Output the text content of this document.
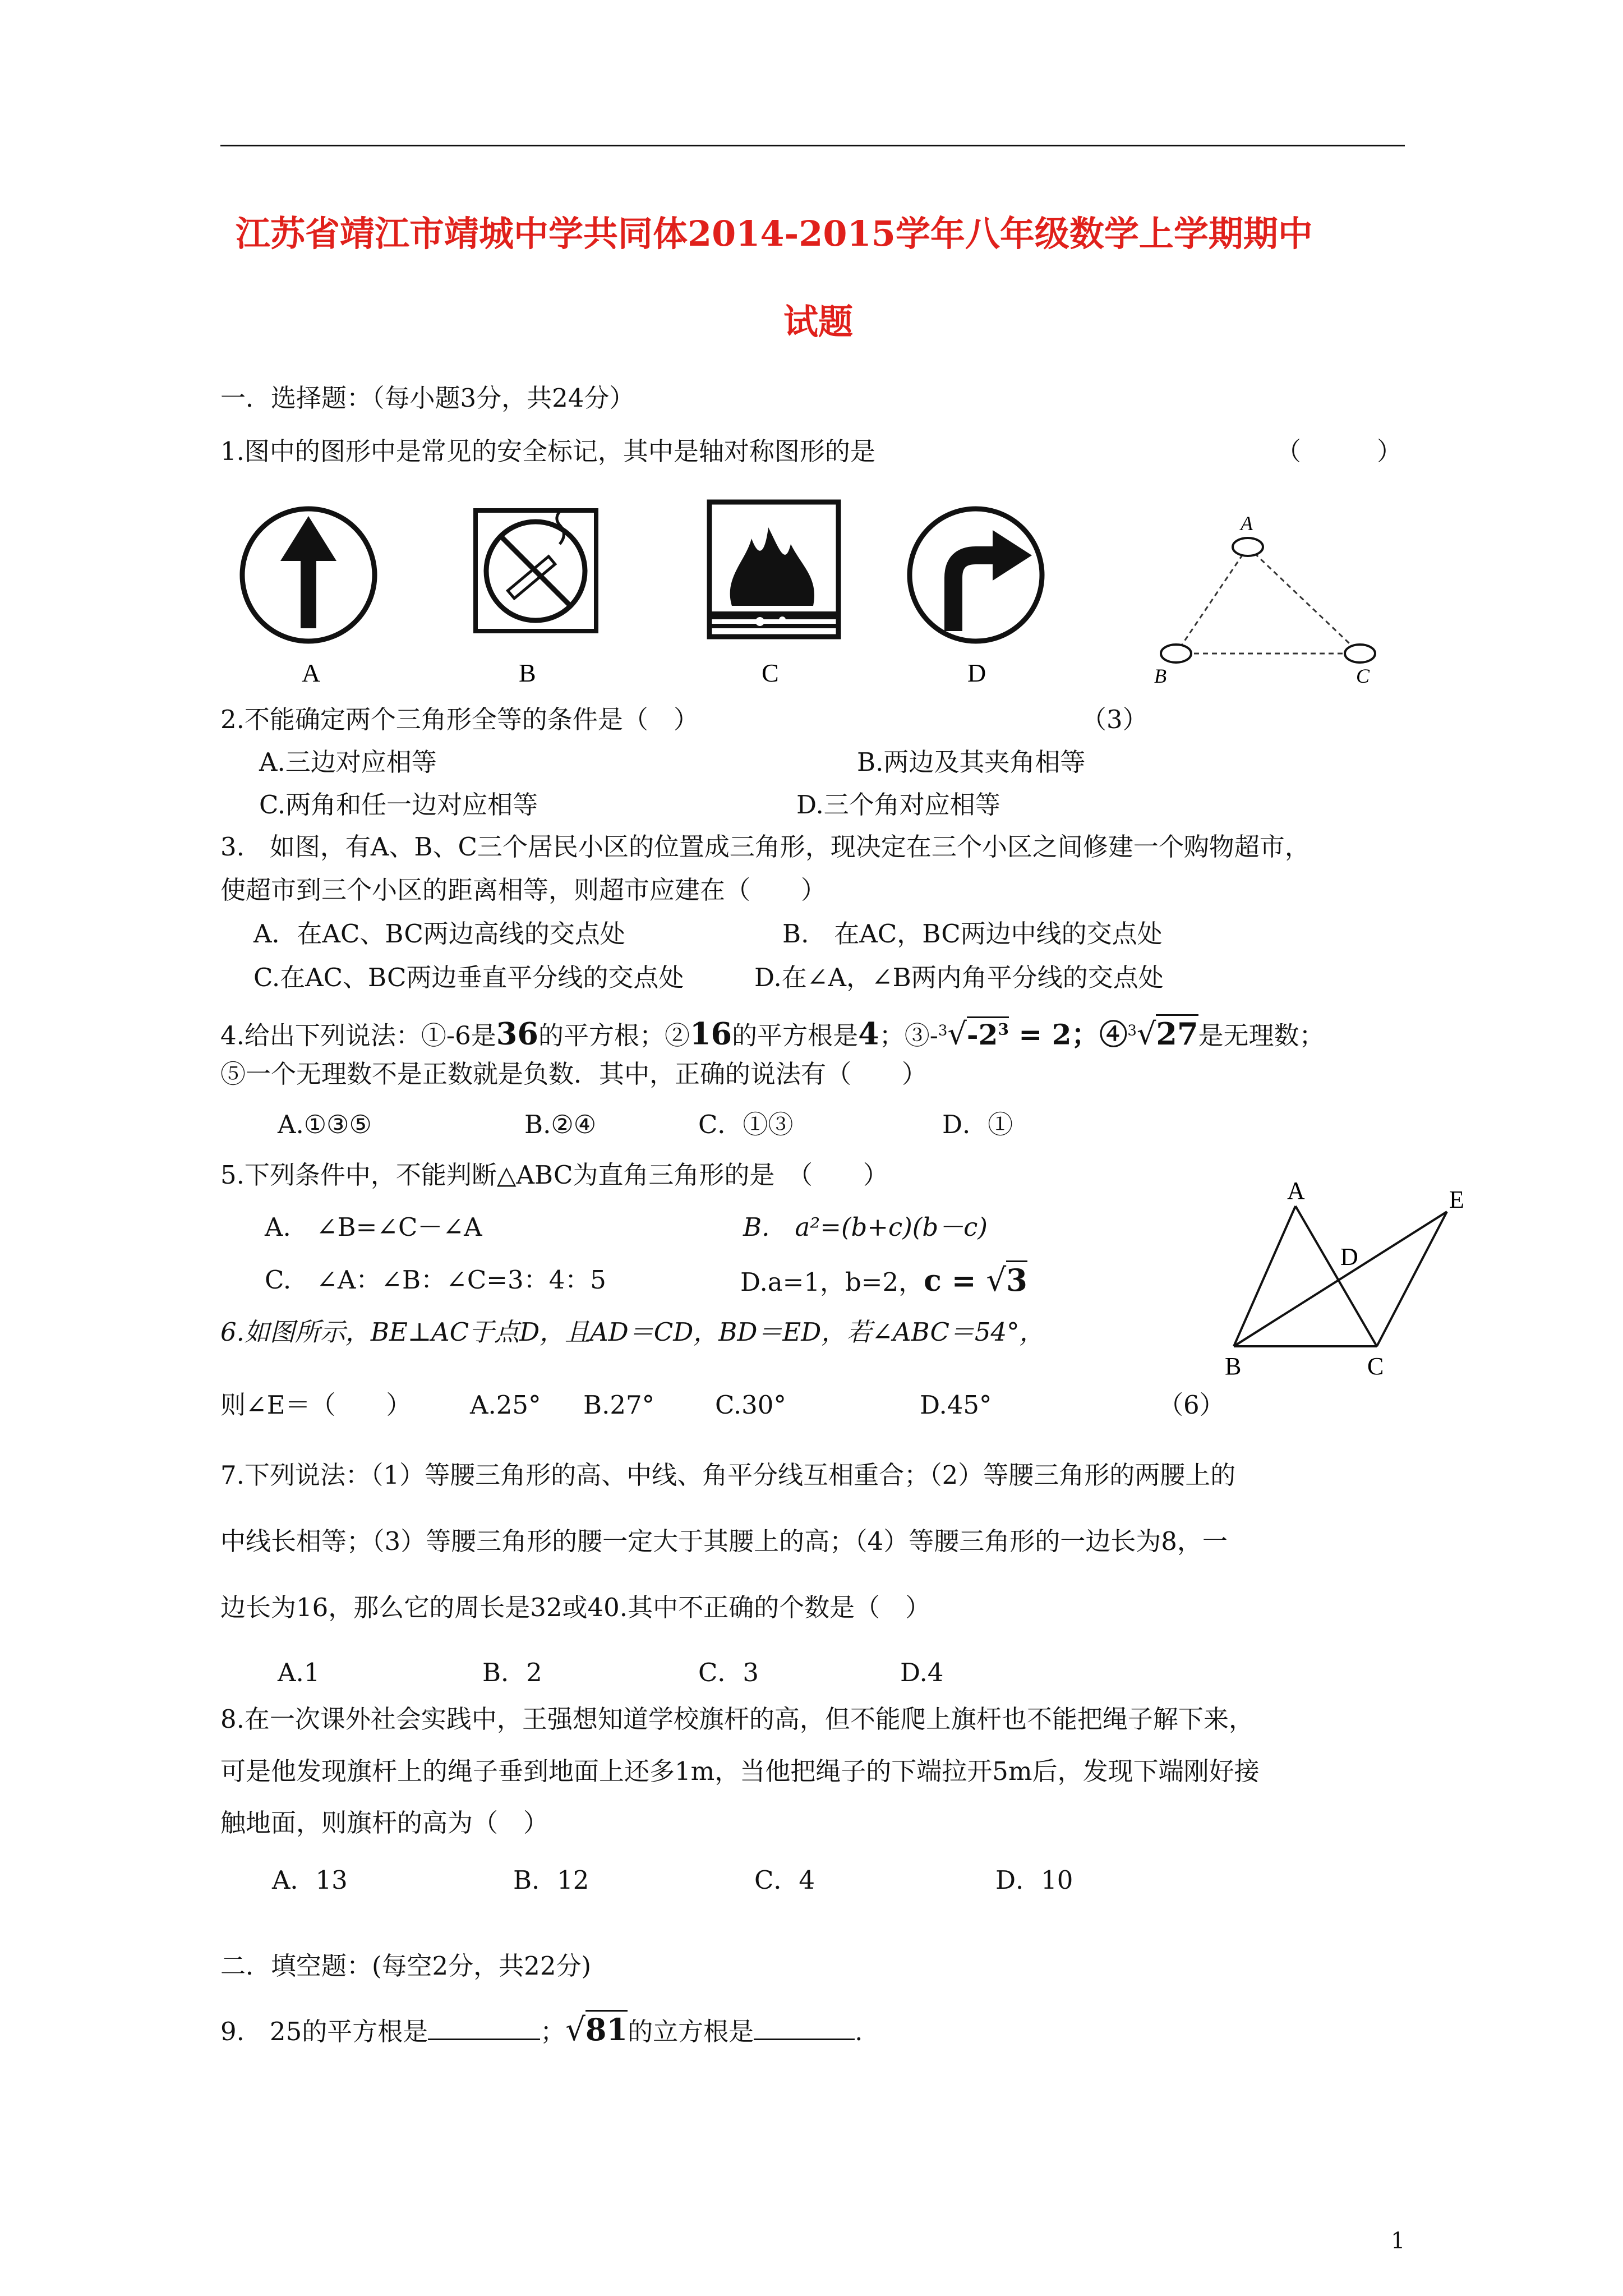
江苏省靖江市靖城中学共同体2014-2015学年八年级数学上学期期中
试题
一．选择题：（每小题3分，共24分）
1.图中的图形中是常见的安全标记，其中是轴对称图形的是	（　　　）
A	B	C	D
A
B	C
2.不能确定两个三角形全等的条件是（　）	（3）
A.三边对应相等	B.两边及其夹角相等
C.两角和任一边对应相等	D.三个角对应相等
3.　如图，有A、B、C三个居民小区的位置成三角形，现决定在三个小区之间修建一个购物超市，
使超市到三个小区的距离相等，则超市应建在（　　）
A．在AC、BC两边高线的交点处	B.　在AC，BC两边中线的交点处
C.在AC、BC两边垂直平分线的交点处	D.在∠A，∠B两内角平分线的交点处
4.给出下列说法：①-6是36的平方根；②16的平方根是4；$③-^3√-2^3 = 2$；④$^3$√27是无理数；
⑤一个无理数不是正数就是负数．其中，正确的说法有（　　）
A.①③⑤	B.②④	C．①③	D．①
5.下列条件中，不能判断△ABC为直角三角形的是　（　　）
A.　∠B=∠C－∠A	B.　a²=(b+c)(b－c)
C.　∠A：∠B：∠C=3：4：5	D.a=1，b=2，c = √3
A	E
D
B	C
6.如图所示，BE⊥AC于点D，且AD＝CD，BD＝ED，若∠ABC＝54°，
则∠E＝（　　） A.25° B.27° C.30°	D.45°	（6）
7.下列说法：（1）等腰三角形的高、中线、角平分线互相重合；（2）等腰三角形的两腰上的
中线长相等；（3）等腰三角形的腰一定大于其腰上的高；（4）等腰三角形的一边长为8，一
边长为16，那么它的周长是32或40.其中不正确的个数是（　）
A.1	B．2	C．3	D.4
8.在一次课外社会实践中，王强想知道学校旗杆的高，但不能爬上旗杆也不能把绳子解下来，
可是他发现旗杆上的绳子垂到地面上还多1m，当他把绳子的下端拉开5m后，发现下端刚好接
触地面，则旗杆的高为（　）
A．13	B．12	C．4	D．10
二．填空题：(每空2分，共22分)
9.　25的平方根是	；√81的立方根是	.
1
